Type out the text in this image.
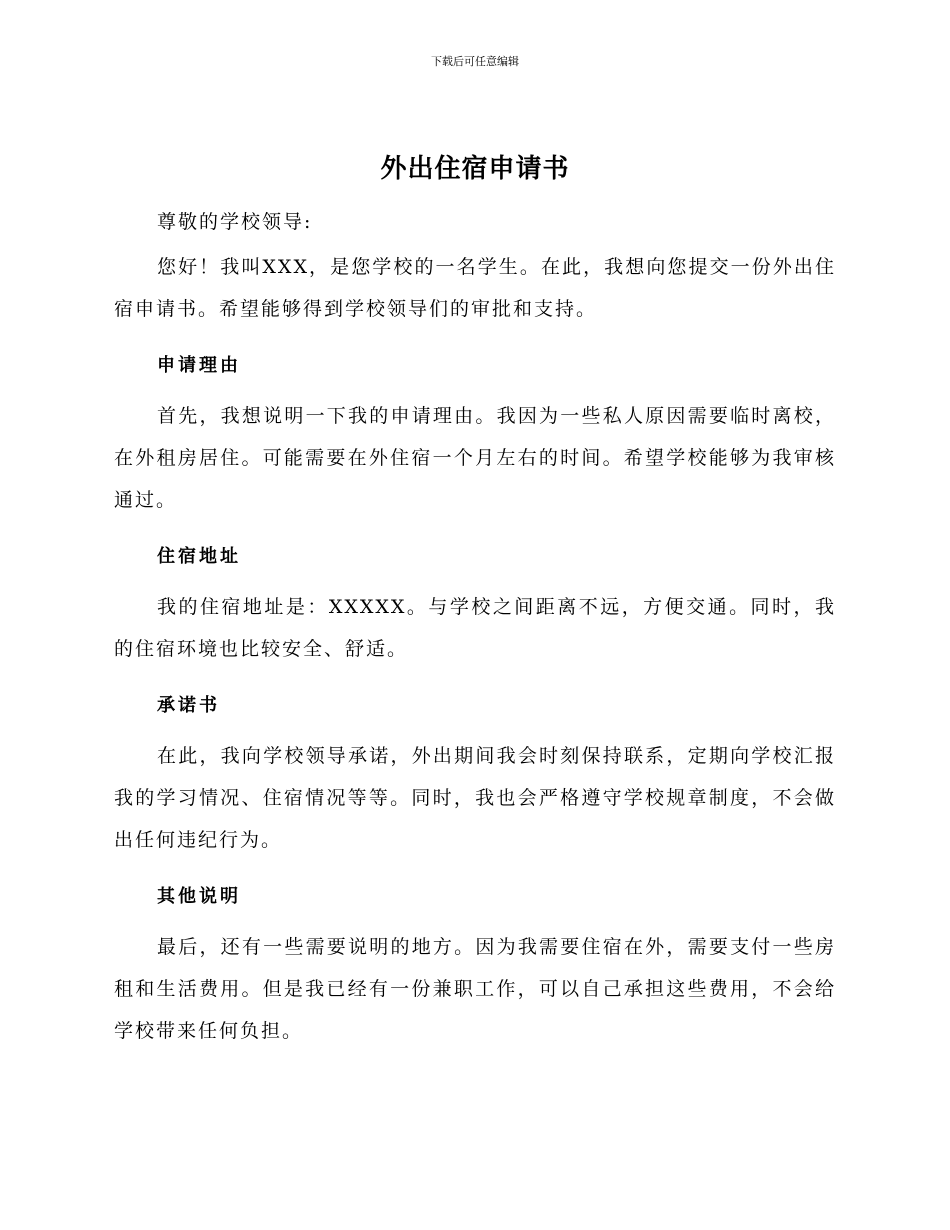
下载后可任意编辑
外出住宿申请书

尊敬的学校领导:

您好！我叫XXX，是您学校的一名学生。在此，我想向您提交一份外出住宿申请书。希望能够得到学校领导们的审批和支持。

申请理由

首先，我想说明一下我的申请理由。我因为一些私人原因需要临时离校，在外租房居住。可能需要在外住宿一个月左右的时间。希望学校能够为我审核通过。

住宿地址

我的住宿地址是：XXXXX。与学校之间距离不远，方便交通。同时，我的住宿环境也比较安全、舒适。

承诺书

在此，我向学校领导承诺，外出期间我会时刻保持联系，定期向学校汇报我的学习情况、住宿情况等等。同时，我也会严格遵守学校规章制度，不会做出任何违纪行为。

其他说明

最后，还有一些需要说明的地方。因为我需要住宿在外，需要支付一些房租和生活费用。但是我已经有一份兼职工作，可以自己承担这些费用，不会给学校带来任何负担。
